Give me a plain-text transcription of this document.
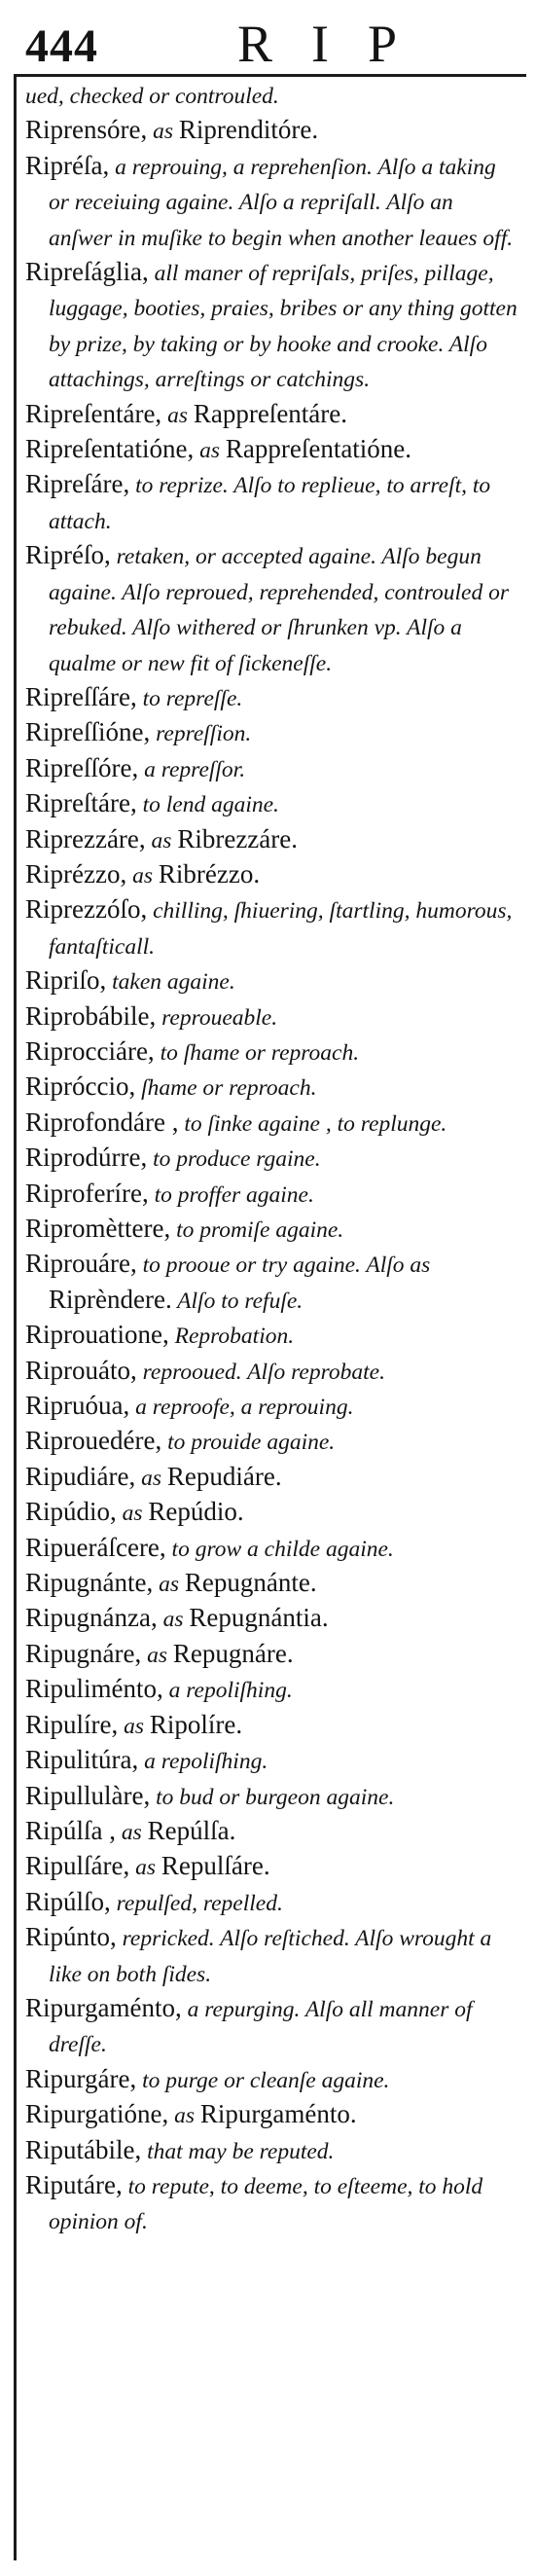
444	RIP
ued, checked or controuled.
Riprensóre, as Riprenditóre.
Ripréſa, a reprouing, a reprehenſion. Alſo a taking or receiuing againe. Alſo a repriſall. Alſo an anſwer in muſike to begin when another leaues off.
Ripreſáglia, all maner of repriſals, priſes, pillage, luggage, booties, praies, bribes or any thing gotten by prize, by taking or by hooke and crooke. Alſo attachings, arreſtings or catchings.
Ripreſentáre, as Rappreſentáre.
Ripreſentatióne, as Rappreſentatióne.
Ripreſáre, to reprize. Alſo to replieue, to arreſt, to attach.
Ripréſo, retaken, or accepted againe. Alſo begun againe. Alſo reproued, reprehended, controuled or rebuked. Alſo withered or ſhrunken vp. Alſo a qualme or new fit of ſickeneſſe.
Ripreſſáre, to repreſſe.
Ripreſſióne, repreſſion.
Ripreſſóre, a repreſſor.
Ripreſtáre, to lend againe.
Riprezzáre, as Ribrezzáre.
Riprézzo, as Ribrézzo.
Riprezzóſo, chilling, ſhiuering, ſtartling, humorous, fantaſticall.
Ripriſo, taken againe.
Riprobábile, reproueable.
Riprocciáre, to ſhame or reproach.
Ripróccio, ſhame or reproach.
Riprofondáre , to ſinke againe , to replunge.
Riprodúrre, to produce rgaine.
Riproferíre, to proffer againe.
Ripromèttere, to promiſe againe.
Riprouáre, to prooue or try againe. Alſo as Riprèndere. Alſo to refuſe.
Riprouatione, Reprobation.
Riprouáto, reprooued. Alſo reprobate.
Ripruóua, a reproofe, a reprouing.
Riprouedére, to prouide againe.
Ripudiáre, as Repudiáre.
Ripúdio, as Repúdio.
Ripueráſcere, to grow a childe againe.
Ripugnánte, as Repugnánte.
Ripugnánza, as Repugnántia.
Ripugnáre, as Repugnáre.
Ripuliménto, a repoliſhing.
Ripulíre, as Ripolíre.
Ripulitúra, a repoliſhing.
Ripullulàre, to bud or burgeon againe.
Ripúlſa , as Repúlſa.
Ripulſáre, as Repulſáre.
Ripúlſo, repulſed, repelled.
Ripúnto, repricked. Alſo reſtiched. Alſo wrought a like on both ſides.
Ripurgaménto, a repurging. Alſo all manner of dreſſe.
Ripurgáre, to purge or cleanſe againe.
Ripurgatióne, as Ripurgaménto.
Riputábile, that may be reputed.
Riputáre, to repute, to deeme, to eſteeme, to hold opinion of.
